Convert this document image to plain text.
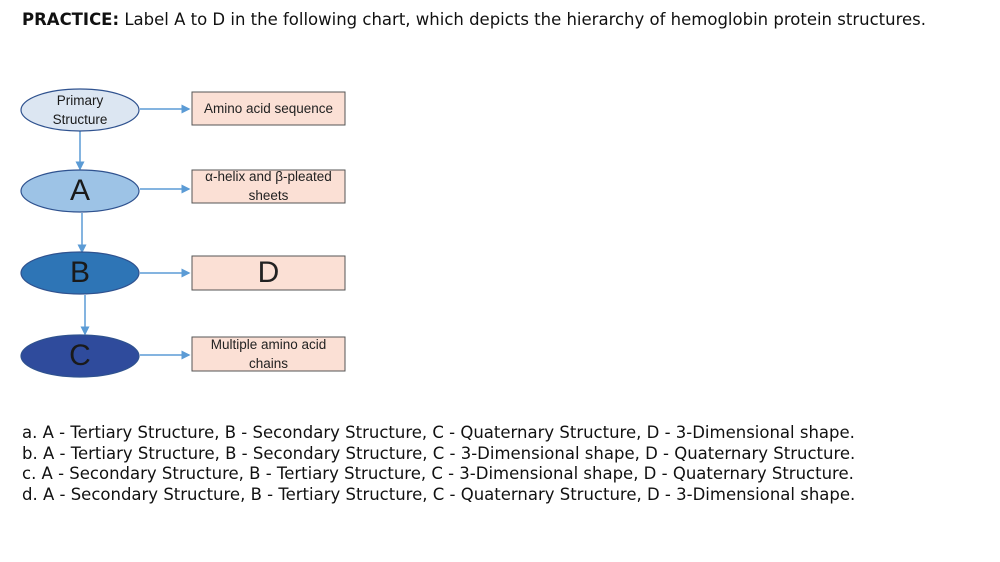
PRACTICE: Label A to D in the following chart, which depicts the hierarchy of hemoglobin protein structures.
Primary Structure
A
B
C
Amino acid sequence
α-helix and β-pleated sheets
D
Multiple amino acid chains
a. A - Tertiary Structure, B - Secondary Structure, C - Quaternary Structure, D - 3-Dimensional shape.
b. A - Tertiary Structure, B - Secondary Structure, C - 3-Dimensional shape, D - Quaternary Structure.
c. A - Secondary Structure, B - Tertiary Structure, C - 3-Dimensional shape, D - Quaternary Structure.
d. A - Secondary Structure, B - Tertiary Structure, C - Quaternary Structure, D - 3-Dimensional shape.
